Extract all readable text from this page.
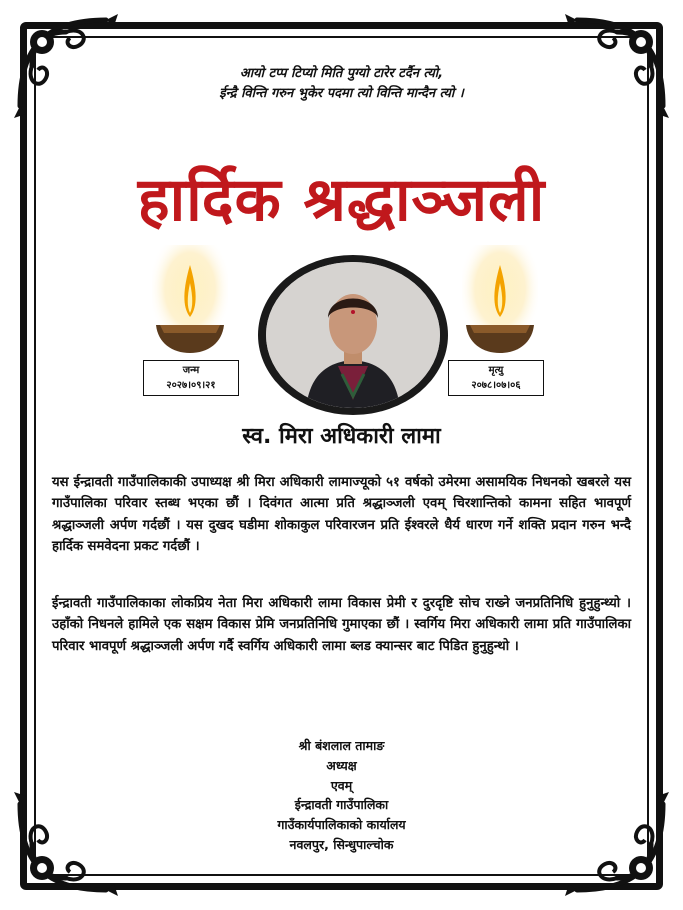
आयो टप्प टिप्यो मिति पुग्यो टारेर टर्दैन त्यो,
ईन्द्रै विन्ति गरुन भुकेर पदमा त्यो विन्ति मान्दैन त्यो ।
हार्दिक श्रद्धाञ्जली
जन्म
२०२७।०९।२१
मृत्यु
२०७८।०७।०६
स्व. मिरा अधिकारी लामा

यस ईन्द्रावती गाउँपालिकाकी उपाध्यक्ष श्री मिरा अधिकारी लामाज्यूको ५१ वर्षको उमेरमा असामयिक निधनको खबरले यस गाउँपालिका परिवार स्तब्ध भएका छौं । दिवंगत आत्मा प्रति श्रद्धाञ्जली एवम् चिरशान्तिको कामना सहित भावपूर्ण श्रद्धाञ्जली अर्पण गर्दछौं । यस दुखद घडीमा शोकाकुल परिवारजन प्रति ईश्वरले धैर्य धारण गर्ने शक्ति प्रदान गरुन भन्दै हार्दिक समवेदना प्रकट गर्दछौं ।

ईन्द्रावती गाउँपालिकाका लोकप्रिय नेता मिरा अधिकारी लामा विकास प्रेमी र दुरदृष्टि सोच राख्ने जनप्रतिनिधि हुनुहुन्थ्यो । उहाँको निधनले हामिले एक सक्षम विकास प्रेमि जनप्रतिनिधि गुमाएका छौं । स्वर्गिय मिरा अधिकारी लामा प्रति गाउँपालिका परिवार भावपूर्ण श्रद्धाञ्जली अर्पण गर्दै स्वर्गिय अधिकारी लामा ब्लड क्यान्सर बाट पिडित हुनुहुन्थो ।

श्री बंशलाल तामाङ
अध्यक्ष
एवम्
ईन्द्रावती गाउँपालिका
गाउँकार्यपालिकाको कार्यालय
नवलपुर, सिन्धुपाल्चोक
